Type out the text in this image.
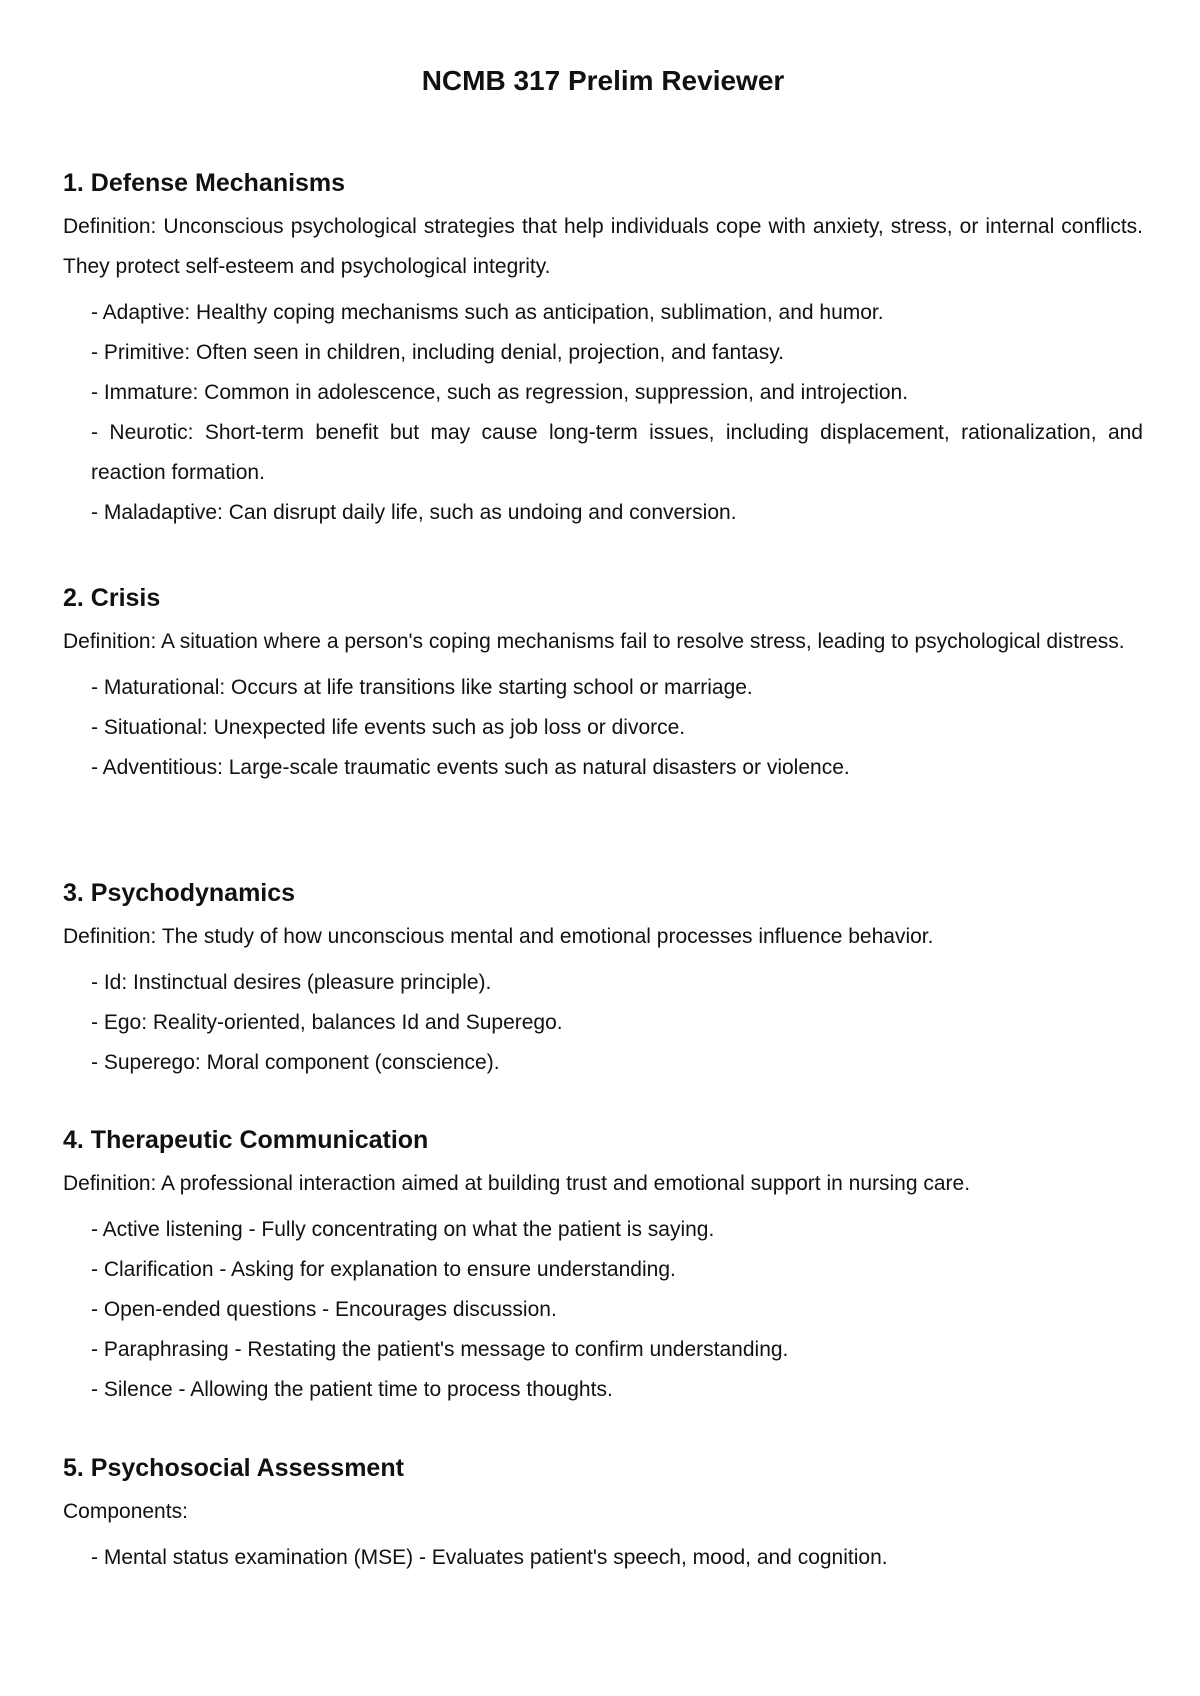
NCMB 317 Prelim Reviewer
1. Defense Mechanisms

Definition: Unconscious psychological strategies that help individuals cope with anxiety, stress, or internal conflicts. They protect self-esteem and psychological integrity.

- Adaptive: Healthy coping mechanisms such as anticipation, sublimation, and humor.
- Primitive: Often seen in children, including denial, projection, and fantasy.
- Immature: Common in adolescence, such as regression, suppression, and introjection.
- Neurotic: Short-term benefit but may cause long-term issues, including displacement, rationalization, and reaction formation.
- Maladaptive: Can disrupt daily life, such as undoing and conversion.
2. Crisis

Definition: A situation where a person's coping mechanisms fail to resolve stress, leading to psychological distress.

- Maturational: Occurs at life transitions like starting school or marriage.
- Situational: Unexpected life events such as job loss or divorce.
- Adventitious: Large-scale traumatic events such as natural disasters or violence.
3. Psychodynamics

Definition: The study of how unconscious mental and emotional processes influence behavior.

- Id: Instinctual desires (pleasure principle).
- Ego: Reality-oriented, balances Id and Superego.
- Superego: Moral component (conscience).
4. Therapeutic Communication

Definition: A professional interaction aimed at building trust and emotional support in nursing care.

- Active listening - Fully concentrating on what the patient is saying.
- Clarification - Asking for explanation to ensure understanding.
- Open-ended questions - Encourages discussion.
- Paraphrasing - Restating the patient's message to confirm understanding.
- Silence - Allowing the patient time to process thoughts.
5. Psychosocial Assessment

Components:

- Mental status examination (MSE) - Evaluates patient's speech, mood, and cognition.
